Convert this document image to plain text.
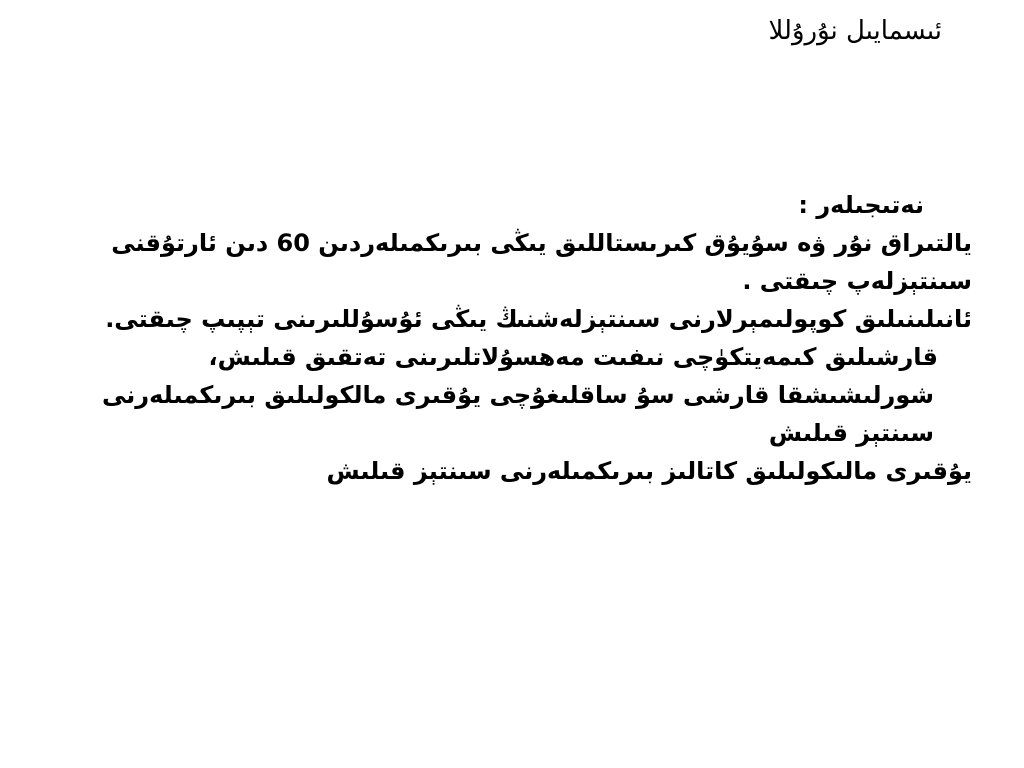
ئىسمايىل نۇرۇللا

نەتىجىلەر :

يالتىراق نۇر ۋە سۇيۇق كىرىستاللىق يىڭى بىرىكمىلەردىن 60 دىن ئارتۇقنى سىنتېزلەپ چىقتى .

ئانىلىنىلىق كوپولىمېرلارنى سىنتېزلەشنىڭ يىڭى ئۇسۇللىرىنى تېپىپ چىقتى.

قارشىلىق كىمەيتكۈچى نىفىت مەھسۇلاتلىرىنى تەتقىق قىلىش،

شورلىشىشقا قارشى سۇ ساقلىغۇچى يۇقىرى مالكولىلىق بىرىكمىلەرنى سىنتېز قىلىش

يۇقىرى مالىكولىلىق كاتالىز بىرىكمىلەرنى سىنتېز قىلىش
